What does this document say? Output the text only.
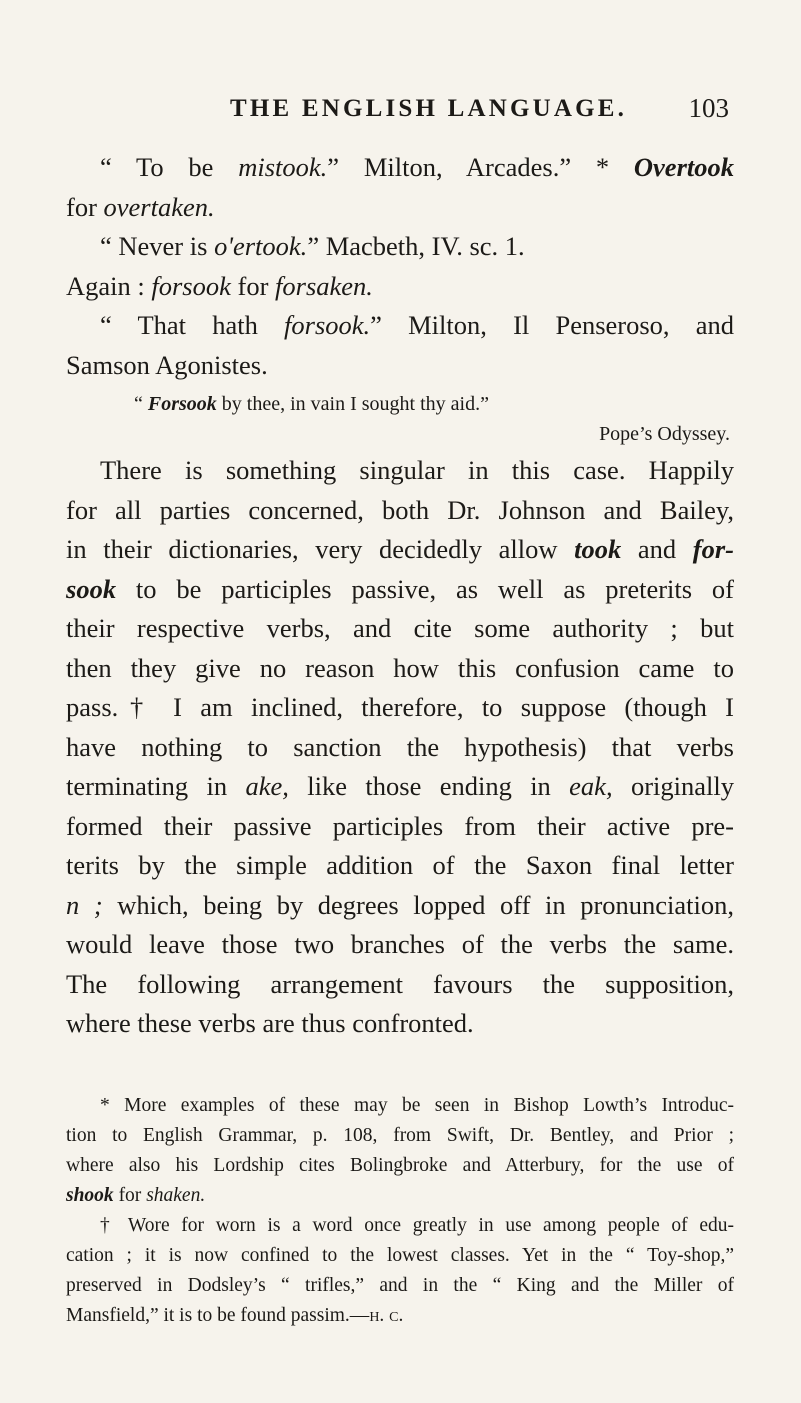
THE ENGLISH LANGUAGE. 103
“ To be mistook.” Milton, Arcades.” * Overtook
for overtaken.
“ Never is o'ertook.” Macbeth, IV. sc. 1.
Again : forsook for forsaken.
“ That hath forsook.” Milton, Il Penseroso, and
Samson Agonistes.
“ Forsook by thee, in vain I sought thy aid.”
Pope’s Odyssey.
There is something singular in this case. Happily
for all parties concerned, both Dr. Johnson and Bailey,
in their dictionaries, very decidedly allow took and for-
sook to be participles passive, as well as preterits of
their respective verbs, and cite some authority ; but
then they give no reason how this confusion came to
pass.† I am inclined, therefore, to suppose (though I
have nothing to sanction the hypothesis) that verbs
terminating in ake, like those ending in eak, originally
formed their passive participles from their active pre-
terits by the simple addition of the Saxon final letter
n ; which, being by degrees lopped off in pronunciation,
would leave those two branches of the verbs the same.
The following arrangement favours the supposition,
where these verbs are thus confronted.
* More examples of these may be seen in Bishop Lowth’s Introduc-
tion to English Grammar, p. 108, from Swift, Dr. Bentley, and Prior ;
where also his Lordship cites Bolingbroke and Atterbury, for the use of
shook for shaken.
† Wore for worn is a word once greatly in use among people of edu-
cation ; it is now confined to the lowest classes. Yet in the “ Toy-shop,”
preserved in Dodsley’s “ trifles,” and in the “ King and the Miller of
Mansfield,” it is to be found passim.—h. c.
